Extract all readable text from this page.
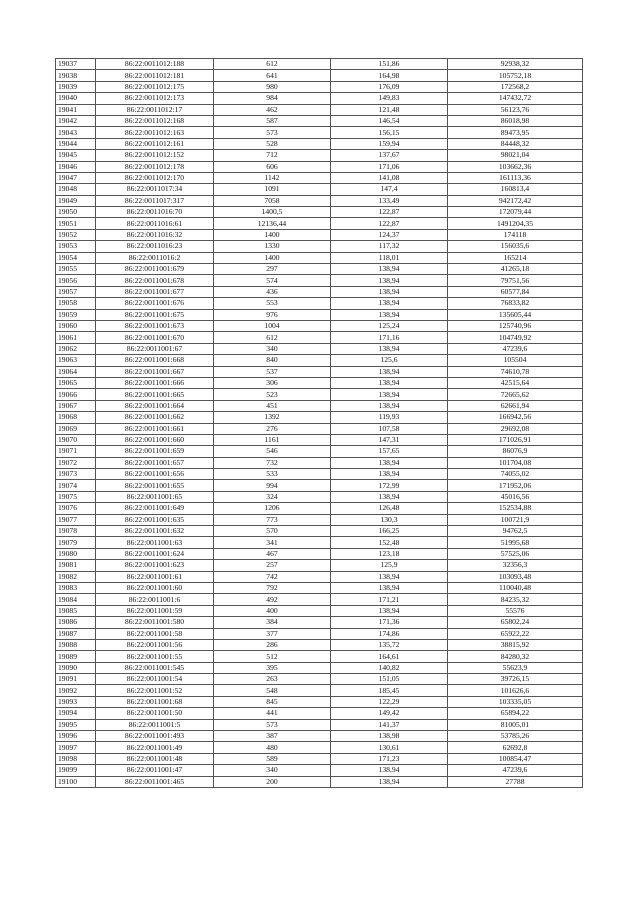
19037	86:22:0011012:188	612	151,86	92938,32
19038	86:22:0011012:181	641	164,98	105752,18
19039	86:22:0011012:175	980	176,09	172568,2
19040	86:22:0011012:173	984	149,83	147432,72
19041	86:22:0011012:17	462	121,48	56123,76
19042	86:22:0011012:168	587	146,54	86018,98
19043	86:22:0011012:163	573	156,15	89473,95
19044	86:22:0011012:161	528	159,94	84448,32
19045	86:22:0011012:152	712	137,67	98021,04
19046	86:22:0011012:178	606	171,06	103662,36
19047	86:22:0011012:170	1142	141,08	161113,36
19048	86:22:0011017:34	1091	147,4	160813,4
19049	86:22:0011017:317	7058	133,49	942172,42
19050	86:22:0011016:70	1400,5	122,87	172079,44
19051	86:22:0011016:61	12136,44	122,87	1491204,35
19052	86:22:0011016:32	1400	124,37	174118
19053	86:22:0011016:23	1330	117,32	156035,6
19054	86:22:0011016:2	1400	118,01	165214
19055	86:22:0011001:679	297	138,94	41265,18
19056	86:22:0011001:678	574	138,94	79751,56
19057	86:22:0011001:677	436	138,94	60577,84
19058	86:22:0011001:676	553	138,94	76833,82
19059	86:22:0011001:675	976	138,94	135605,44
19060	86:22:0011001:673	1004	125,24	125740,96
19061	86:22:0011001:670	612	171,16	104749,92
19062	86:22:0011001:67	340	138,94	47239,6
19063	86:22:0011001:668	840	125,6	105504
19064	86:22:0011001:667	537	138,94	74610,78
19065	86:22:0011001:666	306	138,94	42515,64
19066	86:22:0011001:665	523	138,94	72665,62
19067	86:22:0011001:664	451	138,94	62661,94
19068	86:22:0011001:662	1392	119,93	166942,56
19069	86:22:0011001:661	276	107,58	29692,08
19070	86:22:0011001:660	1161	147,31	171026,91
19071	86:22:0011001:659	546	157,65	86076,9
19072	86:22:0011001:657	732	138,94	101704,08
19073	86:22:0011001:656	533	138,94	74055,02
19074	86:22:0011001:655	994	172,99	171952,06
19075	86:22:0011001:65	324	138,94	45016,56
19076	86:22:0011001:649	1206	126,48	152534,88
19077	86:22:0011001:635	773	130,3	100721,9
19078	86:22:0011001:632	570	166,25	94762,5
19079	86:22:0011001:63	341	152,48	51995,68
19080	86:22:0011001:624	467	123,18	57525,06
19081	86:22:0011001:623	257	125,9	32356,3
19082	86:22:0011001:61	742	138,94	103093,48
19083	86:22:0011001:60	792	138,94	110040,48
19084	86:22:0011001:6	492	171,21	84235,32
19085	86:22:0011001:59	400	138,94	55576
19086	86:22:0011001:580	384	171,36	65802,24
19087	86:22:0011001:58	377	174,86	65922,22
19088	86:22:0011001:56	286	135,72	38815,92
19089	86:22:0011001:55	512	164,61	84280,32
19090	86:22:0011001:545	395	140,82	55623,9
19091	86:22:0011001:54	263	151,05	39726,15
19092	86:22:0011001:52	548	185,45	101626,6
19093	86:22:0011001:68	845	122,29	103335,05
19094	86:22:0011001:50	441	149,42	65894,22
19095	86:22:0011001:5	573	141,37	81005,01
19096	86:22:0011001:493	387	138,98	53785,26
19097	86:22:0011001:49	480	130,61	62692,8
19098	86:22:0011001:48	589	171,23	100854,47
19099	86:22:0011001:47	340	138,94	47239,6
19100	86:22:0011001:465	200	138,94	27788
